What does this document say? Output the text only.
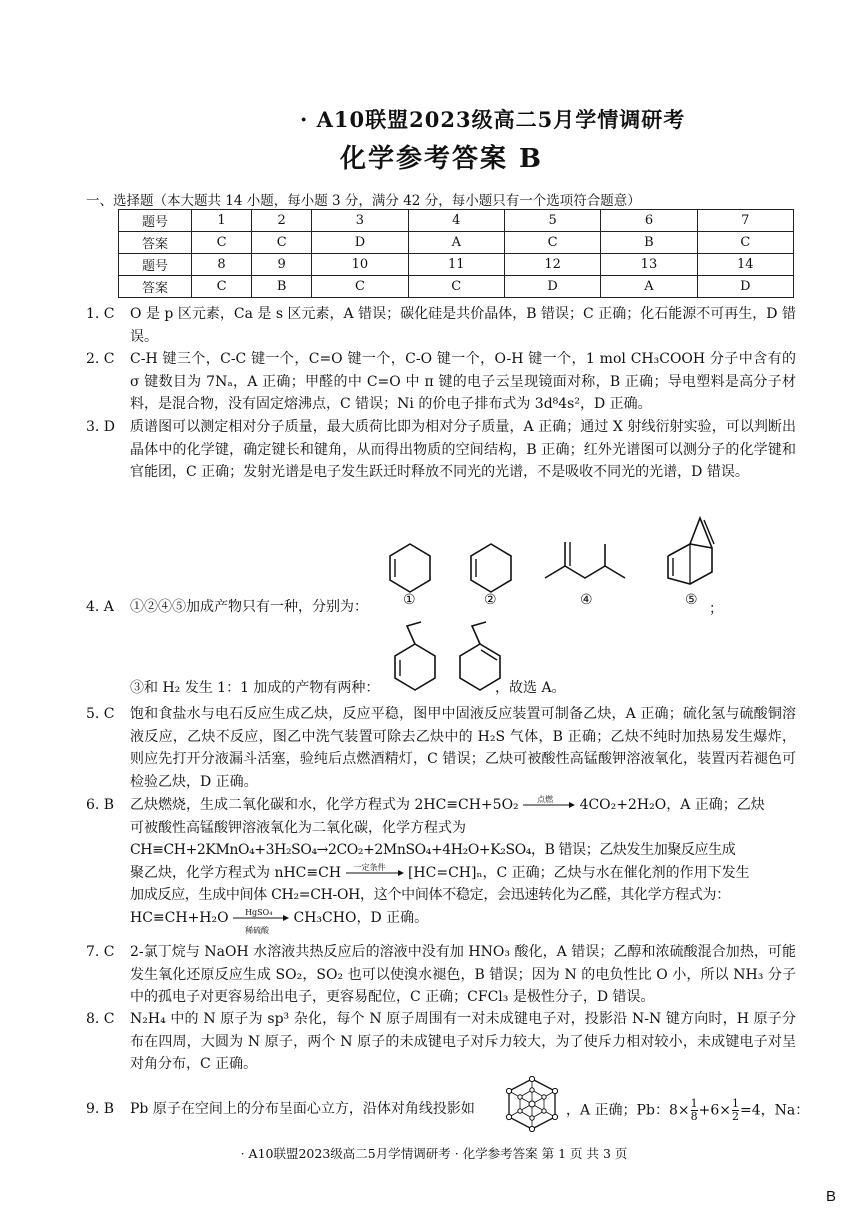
· A10联盟2023级高二5月学情调研考
化学参考答案 B
一、选择题（本大题共 14 小题，每小题 3 分，满分 42 分，每小题只有一个选项符合题意）
题号	1	2	3	4	5	6	7
答案	C	C	D	A	C	B	C
题号	8	9	10	11	12	13	14
答案	C	B	C	C	D	A	D
1. C	O 是 p 区元素，Ca 是 s 区元素，A 错误；碳化硅是共价晶体，B 错误；C 正确；化石能源不可再生，D 错误。
2. C	C-H 键三个，C-C 键一个，C=O 键一个，C-O 键一个，O-H 键一个，1 mol CH₃COOH 分子中含有的 σ 键数目为 7Nₐ，A 正确；甲醛的中 C=O 中 π 键的电子云呈现镜面对称，B 正确；导电塑料是高分子材料，是混合物，没有固定熔沸点，C 错误；Ni 的价电子排布式为 3d⁸4s²，D 正确。
3. D	质谱图可以测定相对分子质量，最大质荷比即为相对分子质量，A 正确；通过 X 射线衍射实验，可以判断出晶体中的化学键，确定键长和键角，从而得出物质的空间结构，B 正确；红外光谱图可以测分子的化学键和官能团，C 正确；发射光谱是电子发生跃迁时释放不同光的光谱，不是吸收不同光的光谱，D 错误。
4. A	①②④⑤加成产物只有一种，分别为：	；
①	②	④	⑤
③和 H₂ 发生 1：1 加成的产物有两种：	，故选 A。
5. C	饱和食盐水与电石反应生成乙炔，反应平稳，图甲中固液反应装置可制备乙炔，A 正确；硫化氢与硫酸铜溶液反应，乙炔不反应，图乙中洗气装置可除去乙炔中的 H₂S 气体，B 正确；乙炔不纯时加热易发生爆炸，则应先打开分液漏斗活塞，验纯后点燃酒精灯，C 错误；乙炔可被酸性高锰酸钾溶液氧化，装置丙若褪色可检验乙炔，D 正确。
6. B	乙炔燃烧，生成二氧化碳和水，化学方程式为 2HC≡CH+5O₂ 点燃 4CO₂+2H₂O，A 正确；乙炔
可被酸性高锰酸钾溶液氧化为二氧化碳，化学方程式为
CH≡CH+2KMnO₄+3H₂SO₄→2CO₂+2MnSO₄+4H₂O+K₂SO₄，B 错误；乙炔发生加聚反应生成
聚乙炔，化学方程式为 nHC≡CH 一定条件 [HC=CH]ₙ，C 正确；乙炔与水在催化剂的作用下发生
加成反应，生成中间体 CH₂=CH-OH，这个中间体不稳定，会迅速转化为乙醛，其化学方程式为：
HC≡CH+H₂O HgSO₄
稀硫酸
CH₃CHO，D 正确。
7. C	2-氯丁烷与 NaOH 水溶液共热反应后的溶液中没有加 HNO₃ 酸化，A 错误；乙醇和浓硫酸混合加热，可能发生氧化还原反应生成 SO₂，SO₂ 也可以使溴水褪色，B 错误；因为 N 的电负性比 O 小，所以 NH₃ 分子中的孤电子对更容易给出电子，更容易配位，C 正确；CFCl₃ 是极性分子，D 错误。
8. C	N₂H₄ 中的 N 原子为 sp³ 杂化，每个 N 原子周围有一对未成键电子对，投影沿 N-N 键方向时，H 原子分布在四周，大圆为 N 原子，两个 N 原子的未成键电子对斥力较大，为了使斥力相对较小，未成键电子对呈对角分布，C 正确。
9. B	Pb 原子在空间上的分布呈面心立方，沿体对角线投影如	，A 正确；Pb：$8\times \frac{1}{8} +6\times \frac{1}{2} =4$，Na：
· A10联盟2023级高二5月学情调研考 · 化学参考答案 第 1 页 共 3 页
B
